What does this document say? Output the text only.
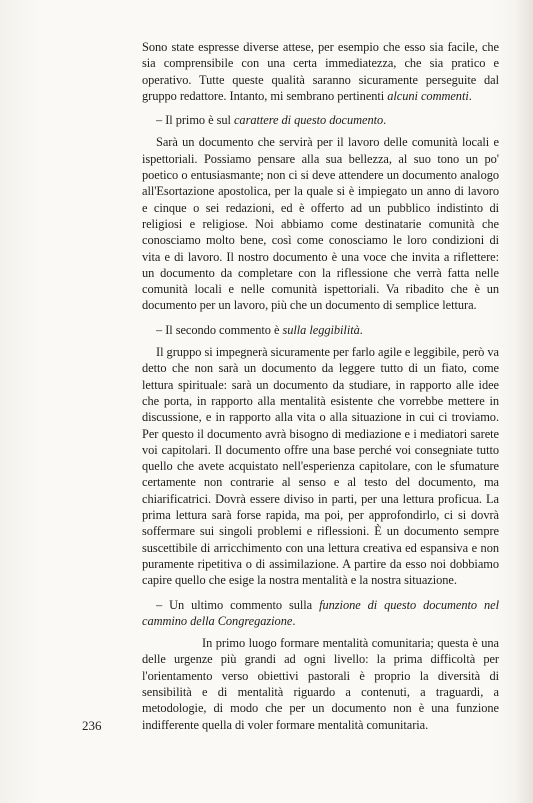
Sono state espresse diverse attese, per esempio che esso sia facile, che sia comprensibile con una certa immediatezza, che sia pratico e operativo. Tutte queste qualità saranno sicuramente perseguite dal gruppo redattore. Intanto, mi sembrano pertinenti alcuni commenti.

– Il primo è sul carattere di questo documento.

Sarà un documento che servirà per il lavoro delle comunità locali e ispettoriali. Possiamo pensare alla sua bellezza, al suo tono un po' poetico o entusiasmante; non ci si deve attendere un documento analogo all'Esortazione apostolica, per la quale si è impiegato un anno di lavoro e cinque o sei redazioni, ed è offerto ad un pubblico indistinto di religiosi e religiose. Noi abbiamo come destinatarie comunità che conosciamo molto bene, così come conosciamo le loro condizioni di vita e di lavoro. Il nostro documento è una voce che invita a riflettere: un documento da completare con la riflessione che verrà fatta nelle comunità locali e nelle comunità ispettoriali. Va ribadito che è un documento per un lavoro, più che un documento di semplice lettura.

– Il secondo commento è sulla leggibilità.

Il gruppo si impegnerà sicuramente per farlo agile e leggibile, però va detto che non sarà un documento da leggere tutto di un fiato, come lettura spirituale: sarà un documento da studiare, in rapporto alle idee che porta, in rapporto alla mentalità esistente che vorrebbe mettere in discussione, e in rapporto alla vita o alla situazione in cui ci troviamo. Per questo il documento avrà bisogno di mediazione e i mediatori sarete voi capitolari. Il documento offre una base perché voi consegniate tutto quello che avete acquistato nell'esperienza capitolare, con le sfumature certamente non contrarie al senso e al testo del documento, ma chiarificatrici. Dovrà essere diviso in parti, per una lettura proficua. La prima lettura sarà forse rapida, ma poi, per approfondirlo, ci si dovrà soffermare sui singoli problemi e riflessioni. È un documento sempre suscettibile di arricchimento con una lettura creativa ed espansiva e non puramente ripetitiva o di assimilazione. A partire da esso noi dobbiamo capire quello che esige la nostra mentalità e la nostra situazione.

– Un ultimo commento sulla funzione di questo documento nel cammino della Congregazione.

In primo luogo formare mentalità comunitaria; questa è una delle urgenze più grandi ad ogni livello: la prima difficoltà per l'orientamento verso obiettivi pastorali è proprio la diversità di sensibilità e di mentalità riguardo a contenuti, a traguardi, a metodologie, di modo che per un documento non è una funzione indifferente quella di voler formare mentalità comunitaria.

236
